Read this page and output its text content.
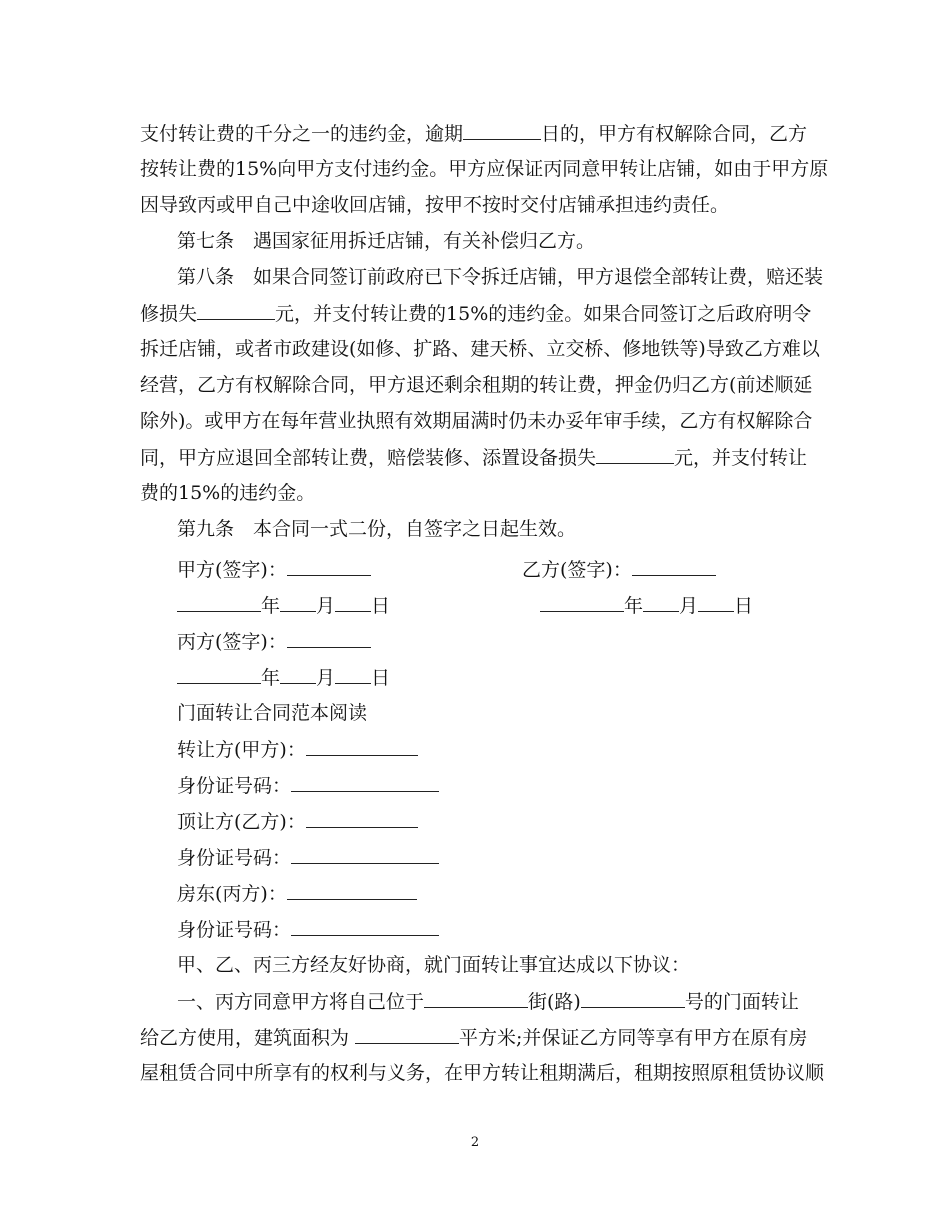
支付转让费的千分之一的违约金，逾期	日的，甲方有权解除合同，乙方
按转让费的15%向甲方支付违约金。甲方应保证丙同意甲转让店铺，如由于甲方原
因导致丙或甲自己中途收回店铺，按甲不按时交付店铺承担违约责任。
第七条　遇国家征用拆迁店铺，有关补偿归乙方。
第八条　如果合同签订前政府已下令拆迁店铺，甲方退偿全部转让费，赔还装
修损失	元，并支付转让费的15%的违约金。如果合同签订之后政府明令
拆迁店铺，或者市政建设(如修、扩路、建天桥、立交桥、修地铁等)导致乙方难以
经营，乙方有权解除合同，甲方退还剩余租期的转让费，押金仍归乙方(前述顺延
除外)。或甲方在每年营业执照有效期届满时仍未办妥年审手续，乙方有权解除合
同，甲方应退回全部转让费，赔偿装修、添置设备损失	元，并支付转让
费的15%的违约金。
第九条　本合同一式二份，自签字之日起生效。
甲方(签字)：	乙方(签字)：
年 月 日	年 月 日
丙方(签字)：
年 月 日
门面转让合同范本阅读
转让方(甲方)：
身份证号码：
顶让方(乙方)：
身份证号码：
房东(丙方)：
身份证号码：
甲、乙、丙三方经友好协商，就门面转让事宜达成以下协议：
一、丙方同意甲方将自己位于	街(路)	号的门面转让
给乙方使用，建筑面积为	平方米;并保证乙方同等享有甲方在原有房
屋租赁合同中所享有的权利与义务，在甲方转让租期满后，租期按照原租赁协议顺
2
